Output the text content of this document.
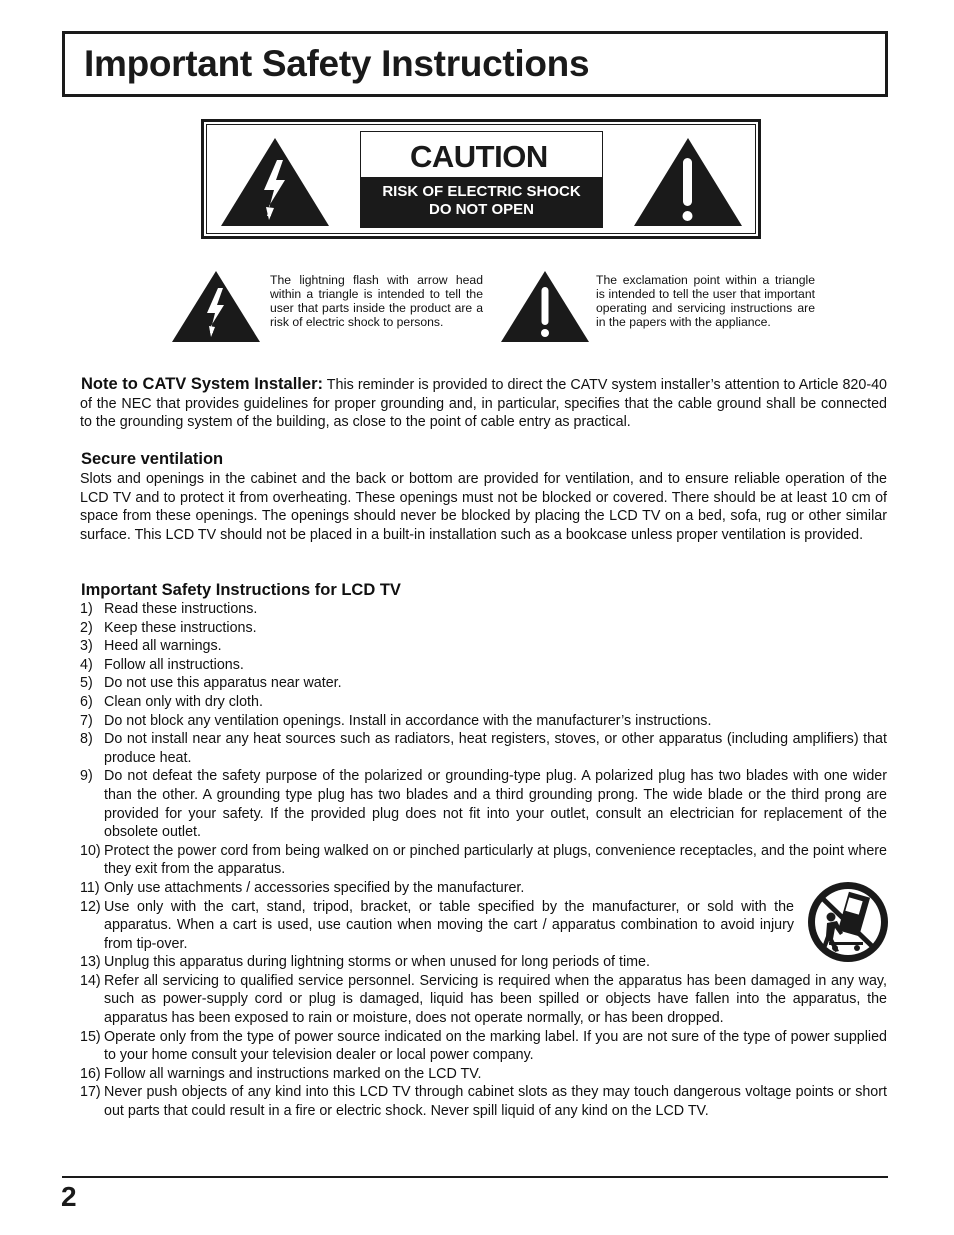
Important Safety Instructions
CAUTION
RISK OF ELECTRIC SHOCK
DO NOT OPEN

The lightning flash with arrow head within a triangle is intended to tell the user that parts inside the product are a risk of electric shock to persons.

The exclamation point within a triangle is intended to tell the user that important operating and servicing instructions are in the papers with the appliance.

Note to CATV System Installer: This reminder is provided to direct the CATV system installer’s attention to Article 820-40 of the NEC that provides guidelines for proper grounding and, in particular, specifies that the cable ground shall be connected to the grounding system of the building, as close to the point of cable entry as practical.

Secure ventilation

Slots and openings in the cabinet and the back or bottom are provided for ventilation, and to ensure reliable operation of the LCD TV and to protect it from overheating. These openings must not be blocked or covered. There should be at least 10 cm of space from these openings. The openings should never be blocked by placing the LCD TV on a bed, sofa, rug or other similar surface. This LCD TV should not be placed in a built-in installation such as a bookcase unless proper ventilation is provided.

Important Safety Instructions for LCD TV
1) Read these instructions.
2) Keep these instructions.
3) Heed all warnings.
4) Follow all instructions.
5) Do not use this apparatus near water.
6) Clean only with dry cloth.
7) Do not block any ventilation openings. Install in accordance with the manufacturer’s instructions.
8) Do not install near any heat sources such as radiators, heat registers, stoves, or other apparatus (including amplifiers) that produce heat.
9) Do not defeat the safety purpose of the polarized or grounding-type plug. A polarized plug has two blades with one wider than the other. A grounding type plug has two blades and a third grounding prong. The wide blade or the third prong are provided for your safety. If the provided plug does not fit into your outlet, consult an electrician for replacement of the obsolete outlet.
10) Protect the power cord from being walked on or pinched particularly at plugs, convenience receptacles, and the point where they exit from the apparatus.
11) Only use attachments / accessories specified by the manufacturer.
12) Use only with the cart, stand, tripod, bracket, or table specified by the manufacturer, or sold with the apparatus. When a cart is used, use caution when moving the cart / apparatus combination to avoid injury from tip-over.
13) Unplug this apparatus during lightning storms or when unused for long periods of time.
14) Refer all servicing to qualified service personnel. Servicing is required when the apparatus has been damaged in any way, such as power-supply cord or plug is damaged, liquid has been spilled or objects have fallen into the apparatus, the apparatus has been exposed to rain or moisture, does not operate normally, or has been dropped.
15) Operate only from the type of power source indicated on the marking label. If you are not sure of the type of power supplied to your home consult your television dealer or local power company.
16) Follow all warnings and instructions marked on the LCD TV.
17) Never push objects of any kind into this LCD TV through cabinet slots as they may touch dangerous voltage points or short out parts that could result in a fire or electric shock. Never spill liquid of any kind on the LCD TV.
2
